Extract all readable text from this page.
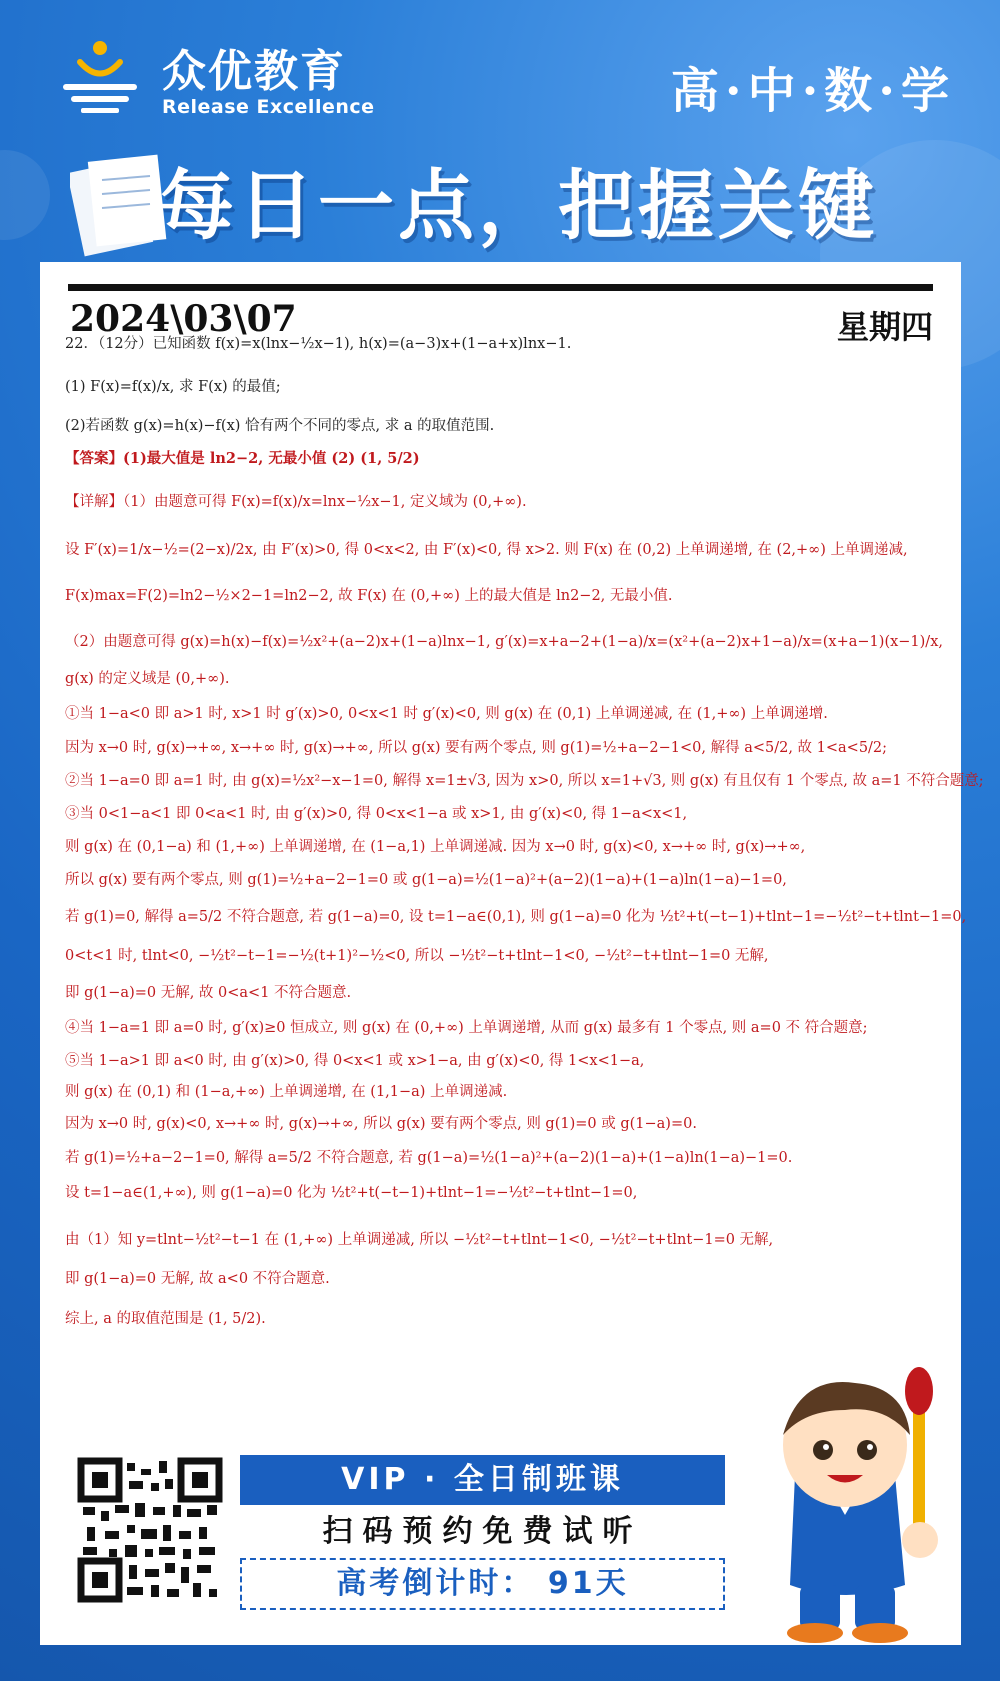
众优教育
Release Excellence	高·中·数·学
每日一点，把握关键
2024\03\07	星期四
22．（12分）已知函数 f(x)=x(lnx−½x−1), h(x)=(a−3)x+(1−a+x)lnx−1.
(1) F(x)=f(x)/x, 求 F(x) 的最值;
(2)若函数 g(x)=h(x)−f(x) 恰有两个不同的零点, 求 a 的取值范围.
【答案】(1)最大值是 ln2−2, 无最小值 (2) (1, 5/2)
【详解】（1）由题意可得 F(x)=f(x)/x=lnx−½x−1, 定义域为 (0,+∞).
设 F′(x)=1/x−½=(2−x)/2x, 由 F′(x)>0, 得 0<x<2, 由 F′(x)<0, 得 x>2. 则 F(x) 在 (0,2) 上单调递增, 在 (2,+∞) 上单调递减,
F(x)max=F(2)=ln2−½×2−1=ln2−2, 故 F(x) 在 (0,+∞) 上的最大值是 ln2−2, 无最小值.
（2）由题意可得 g(x)=h(x)−f(x)=½x²+(a−2)x+(1−a)lnx−1, g′(x)=x+a−2+(1−a)/x=(x²+(a−2)x+1−a)/x=(x+a−1)(x−1)/x,
g(x) 的定义域是 (0,+∞).
①当 1−a<0 即 a>1 时, x>1 时 g′(x)>0, 0<x<1 时 g′(x)<0, 则 g(x) 在 (0,1) 上单调递减, 在 (1,+∞) 上单调递增.
因为 x→0 时, g(x)→+∞, x→+∞ 时, g(x)→+∞, 所以 g(x) 要有两个零点, 则 g(1)=½+a−2−1<0, 解得 a<5/2, 故 1<a<5/2;
②当 1−a=0 即 a=1 时, 由 g(x)=½x²−x−1=0, 解得 x=1±√3, 因为 x>0, 所以 x=1+√3, 则 g(x) 有且仅有 1 个零点, 故 a=1 不符合题意;
③当 0<1−a<1 即 0<a<1 时, 由 g′(x)>0, 得 0<x<1−a 或 x>1, 由 g′(x)<0, 得 1−a<x<1,
则 g(x) 在 (0,1−a) 和 (1,+∞) 上单调递增, 在 (1−a,1) 上单调递减. 因为 x→0 时, g(x)<0, x→+∞ 时, g(x)→+∞,
所以 g(x) 要有两个零点, 则 g(1)=½+a−2−1=0 或 g(1−a)=½(1−a)²+(a−2)(1−a)+(1−a)ln(1−a)−1=0,
若 g(1)=0, 解得 a=5/2 不符合题意, 若 g(1−a)=0, 设 t=1−a∈(0,1), 则 g(1−a)=0 化为 ½t²+t(−t−1)+tlnt−1=−½t²−t+tlnt−1=0,
0<t<1 时, tlnt<0, −½t²−t−1=−½(t+1)²−½<0, 所以 −½t²−t+tlnt−1<0, −½t²−t+tlnt−1=0 无解,
即 g(1−a)=0 无解, 故 0<a<1 不符合题意.
④当 1−a=1 即 a=0 时, g′(x)≥0 恒成立, 则 g(x) 在 (0,+∞) 上单调递增, 从而 g(x) 最多有 1 个零点, 则 a=0 不 符合题意;
⑤当 1−a>1 即 a<0 时, 由 g′(x)>0, 得 0<x<1 或 x>1−a, 由 g′(x)<0, 得 1<x<1−a,
则 g(x) 在 (0,1) 和 (1−a,+∞) 上单调递增, 在 (1,1−a) 上单调递减.
因为 x→0 时, g(x)<0, x→+∞ 时, g(x)→+∞, 所以 g(x) 要有两个零点, 则 g(1)=0 或 g(1−a)=0.
若 g(1)=½+a−2−1=0, 解得 a=5/2 不符合题意, 若 g(1−a)=½(1−a)²+(a−2)(1−a)+(1−a)ln(1−a)−1=0.
设 t=1−a∈(1,+∞), 则 g(1−a)=0 化为 ½t²+t(−t−1)+tlnt−1=−½t²−t+tlnt−1=0,
由（1）知 y=tlnt−½t²−t−1 在 (1,+∞) 上单调递减, 所以 −½t²−t+tlnt−1<0, −½t²−t+tlnt−1=0 无解,
即 g(1−a)=0 无解, 故 a<0 不符合题意.
综上, a 的取值范围是 (1, 5/2).
VIP · 全日制班课
扫码预约免费试听
高考倒计时： 91天
